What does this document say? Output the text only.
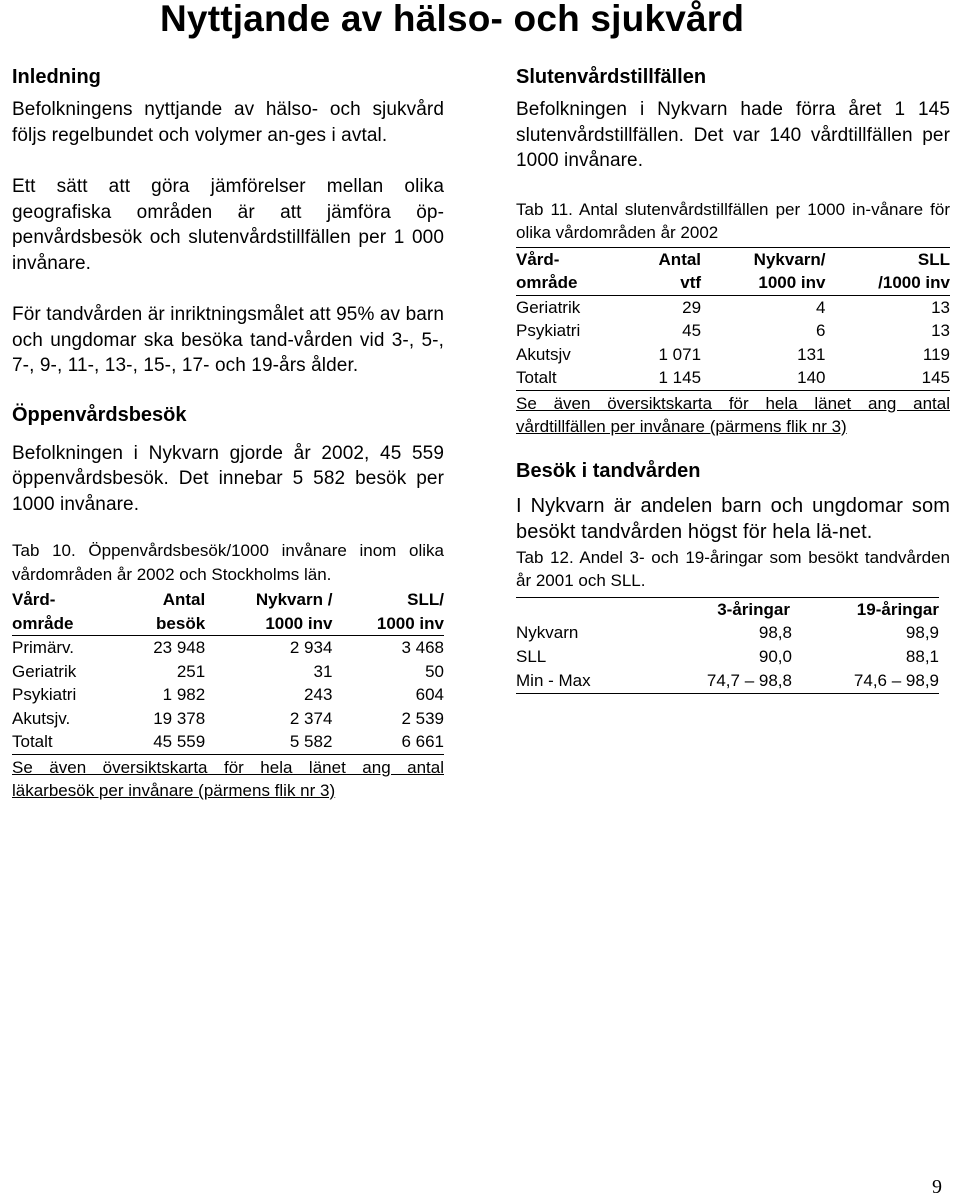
Nyttjande av hälso- och sjukvård

Inledning

Befolkningens nyttjande av hälso- och sjukvård följs regelbundet och volymer an-ges i avtal.

Ett sätt att göra jämförelser mellan olika geografiska områden är att jämföra öp-penvårdsbesök och slutenvårdstillfällen per 1 000 invånare.

För tandvården är inriktningsmålet att 95% av barn och ungdomar ska besöka tand-vården vid 3-, 5-, 7-, 9-, 11-, 13-, 15-, 17- och 19-års ålder.

Öppenvårdsbesök

Befolkningen i Nykvarn gjorde år 2002, 45 559 öppenvårdsbesök. Det innebar 5 582 besök per 1000 invånare.

Tab 10. Öppenvårdsbesök/1000 invånare inom olika vårdområden år 2002 och Stockholms län.

Vård-	Antal	Nykvarn /	SLL/
område	besök	1000 inv	1000 inv
Primärv.	23 948	2 934	3 468
Geriatrik	251	31	50
Psykiatri	1 982	243	604
Akutsjv.	19 378	2 374	2 539
Totalt	45 559	5 582	6 661

Se även översiktskarta för hela länet ang antal läkarbesök per invånare (pärmens flik nr 3)

Slutenvårdstillfällen

Befolkningen i Nykvarn hade förra året 1 145 slutenvårdstillfällen. Det var 140 vårdtillfällen per 1000 invånare.

Tab 11. Antal slutenvårdstillfällen per 1000 in-vånare för olika vårdområden år 2002

Vård-	Antal	Nykvarn/	SLL
område	vtf	1000 inv	/1000 inv
Geriatrik	29	4	13
Psykiatri	45	6	13
Akutsjv	1 071	131	119
Totalt	1 145	140	145

Se även översiktskarta för hela länet ang antal vårdtillfällen per invånare (pärmens flik nr 3)

Besök i tandvården

I Nykvarn är andelen barn och ungdomar som besökt tandvården högst för hela lä-net.

Tab 12. Andel 3- och 19-åringar som besökt tandvården år 2001 och SLL.

	3-åringar	19-åringar
Nykvarn	98,8	98,9
SLL	90,0	88,1
Min - Max	74,7 – 98,8	74,6 – 98,9
9
